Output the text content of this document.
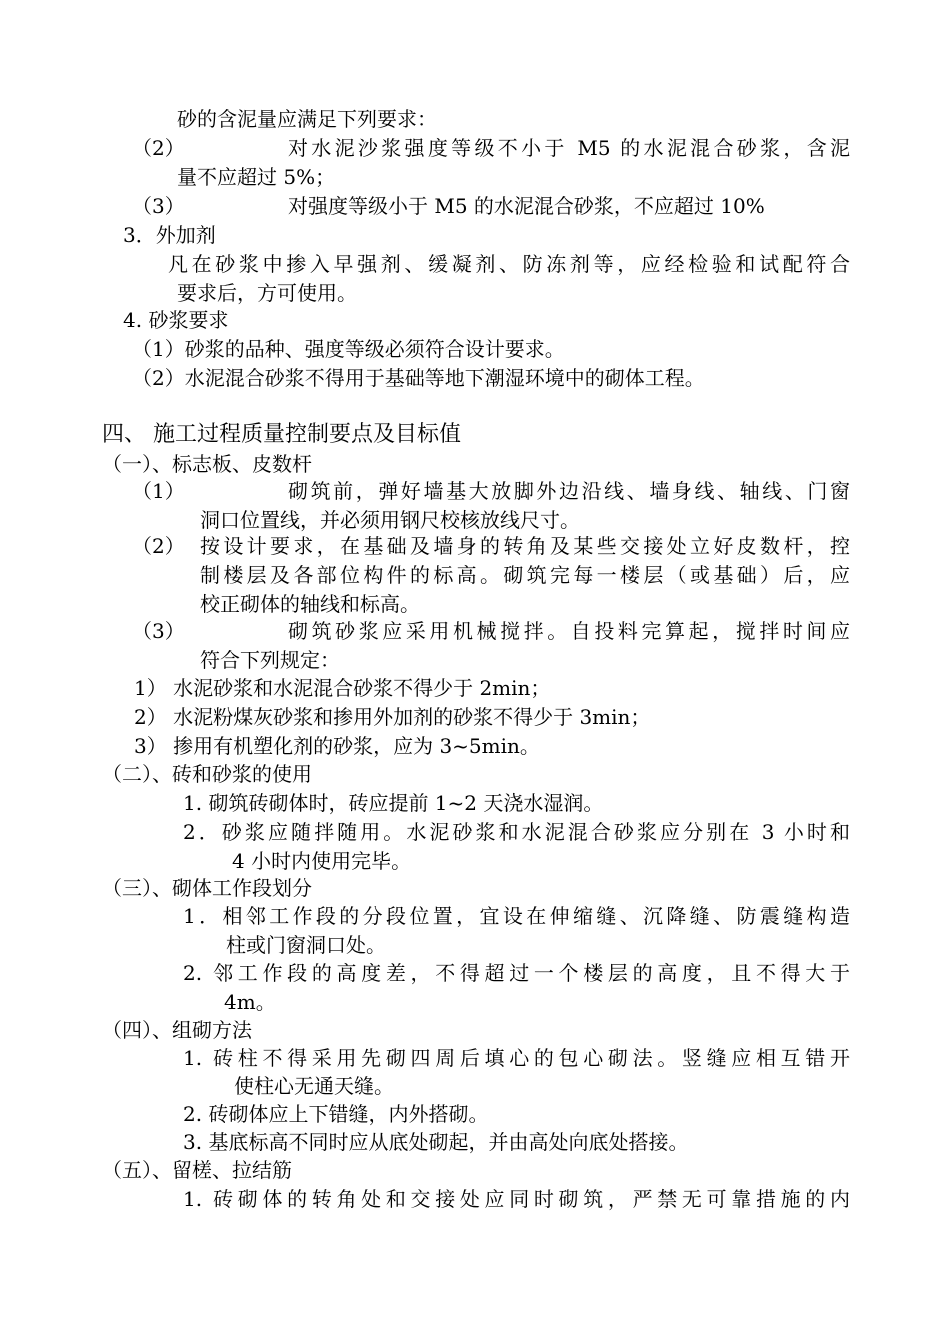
砂的含泥量应满足下列要求：
（2）	对水泥沙浆强度等级不小于 M5 的水泥混合砂浆，含泥
量不应超过 5%；
（3）	对强度等级小于 M5 的水泥混合砂浆，不应超过 10%
3．外加剂
凡在砂浆中掺入早强剂、缓凝剂、防冻剂等，应经检验和试配符合
要求后，方可使用。
4. 砂浆要求
（1）砂浆的品种、强度等级必须符合设计要求。
（2）水泥混合砂浆不得用于基础等地下潮湿环境中的砌体工程。
四、 施工过程质量控制要点及目标值
（一）、标志板、皮数杆
（1）	砌筑前，弹好墙基大放脚外边沿线、墙身线、轴线、门窗
洞口位置线，并必须用钢尺校核放线尺寸。
（2） 按设计要求，在基础及墙身的转角及某些交接处立好皮数杆，控
制楼层及各部位构件的标高。砌筑完每一楼层（或基础）后，应
校正砌体的轴线和标高。
（3）	砌筑砂浆应采用机械搅拌。自投料完算起，搅拌时间应
符合下列规定：
1） 水泥砂浆和水泥混合砂浆不得少于 2min；
2） 水泥粉煤灰砂浆和掺用外加剂的砂浆不得少于 3min；
3） 掺用有机塑化剂的砂浆，应为 3~5min。
（二）、砖和砂浆的使用
1. 砌筑砖砌体时，砖应提前 1~2 天浇水湿润。
2．砂浆应随拌随用。水泥砂浆和水泥混合砂浆应分别在 3 小时和
4 小时内使用完毕。
（三）、砌体工作段划分
1．相邻工作段的分段位置，宜设在伸缩缝、沉降缝、防震缝构造
柱或门窗洞口处。
2. 邻工作段的高度差，不得超过一个楼层的高度，且不得大于
4m。
（四）、组砌方法
1. 砖柱不得采用先砌四周后填心的包心砌法。竖缝应相互错开
使柱心无通天缝。
2. 砖砌体应上下错缝，内外搭砌。
3. 基底标高不同时应从底处砌起，并由高处向底处搭接。
（五）、留槎、拉结筋
1. 砖砌体的转角处和交接处应同时砌筑，严禁无可靠措施的内
